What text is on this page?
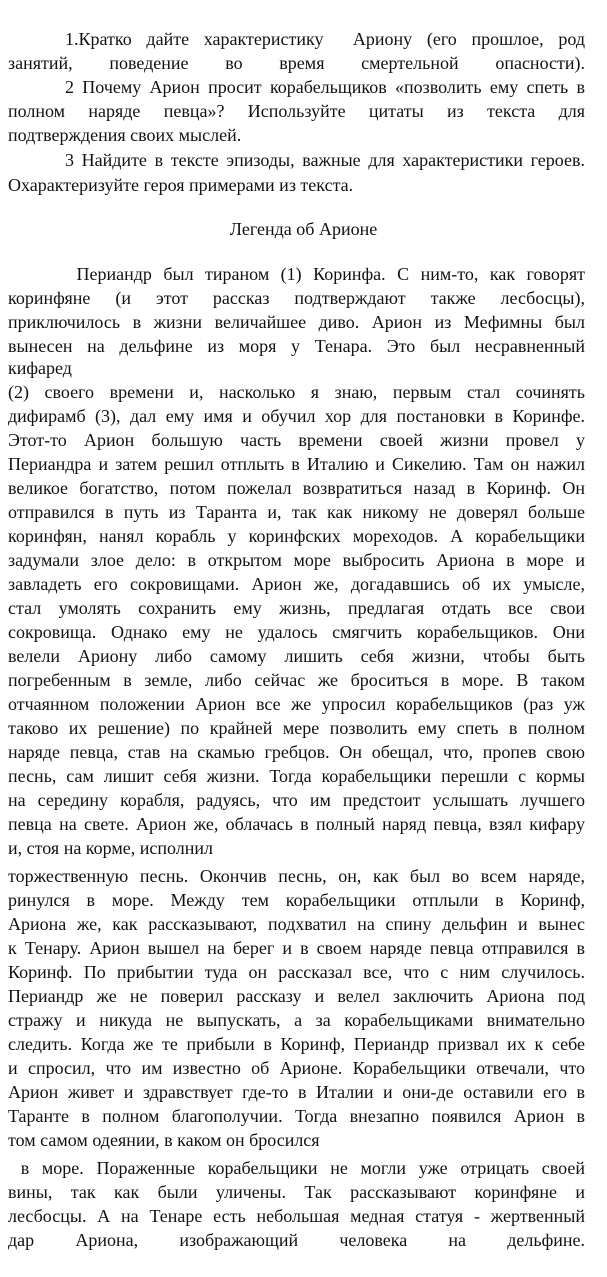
1.Кратко дайте характеристику  Ариону (его прошлое, род
занятий, поведение во время смертельной опасности).
2 Почему Арион просит корабельщиков «позволить ему спеть в
полном наряде певца»? Используйте цитаты из текста для
подтверждения своих мыслей.
3 Найдите в тексте эпизоды, важные для характеристики героев.
Охарактеризуйте героя примерами из текста.
Легенда об Арионе
Периандр был тираном (1) Коринфа. С ним-то, как говорят
коринфяне (и этот рассказ подтверждают также лесбосцы),
приключилось в жизни величайшее диво. Арион из Мефимны был
вынесен на дельфине из моря у Тенара. Это был несравненный
кифаред
(2) своего времени и, насколько я знаю, первым стал сочинять
дифирамб (3), дал ему имя и обучил хор для постановки в Коринфе.
Этот-то Арион большую часть времени своей жизни провел у
Периандра и затем решил отплыть в Италию и Сикелию. Там он нажил
великое богатство, потом пожелал возвратиться назад в Коринф. Он
отправился в путь из Таранта и, так как никому не доверял больше
коринфян, нанял корабль у коринфских мореходов. А корабельщики
задумали злое дело: в открытом море выбросить Ариона в море и
завладеть его сокровищами. Арион же, догадавшись об их умысле,
стал умолять сохранить ему жизнь, предлагая отдать все свои
сокровища. Однако ему не удалось смягчить корабельщиков. Они
велели Ариону либо самому лишить себя жизни, чтобы быть
погребенным в земле, либо сейчас же броситься в море. В таком
отчаянном положении Арион все же упросил корабельщиков (раз уж
таково их решение) по крайней мере позволить ему спеть в полном
наряде певца, став на скамью гребцов. Он обещал, что, пропев свою
песнь, сам лишит себя жизни. Тогда корабельщики перешли с кормы
на середину корабля, радуясь, что им предстоит услышать лучшего
певца на свете. Арион же, облачась в полный наряд певца, взял кифару
и, стоя на корме, исполнил
торжественную песнь. Окончив песнь, он, как был во всем наряде,
ринулся в море. Между тем корабельщики отплыли в Коринф,
Ариона же, как рассказывают, подхватил на спину дельфин и вынес
к Тенару. Арион вышел на берег и в своем наряде певца отправился в
Коринф. По прибытии туда он рассказал все, что с ним случилось.
Периандр же не поверил рассказу и велел заключить Ариона под
стражу и никуда не выпускать, а за корабельщиками внимательно
следить. Когда же те прибыли в Коринф, Периандр призвал их к себе
и спросил, что им известно об Арионе. Корабельщики отвечали, что
Арион живет и здравствует где-то в Италии и они-де оставили его в
Таранте в полном благополучии. Тогда внезапно появился Арион в
том самом одеянии, в каком он бросился
в море. Пораженные корабельщики не могли уже отрицать своей
вины, так как были уличены. Так рассказывают коринфяне и
лесбосцы. А на Тенаре есть небольшая медная статуя - жертвенный
дар Ариона, изображающий человека на дельфине.
